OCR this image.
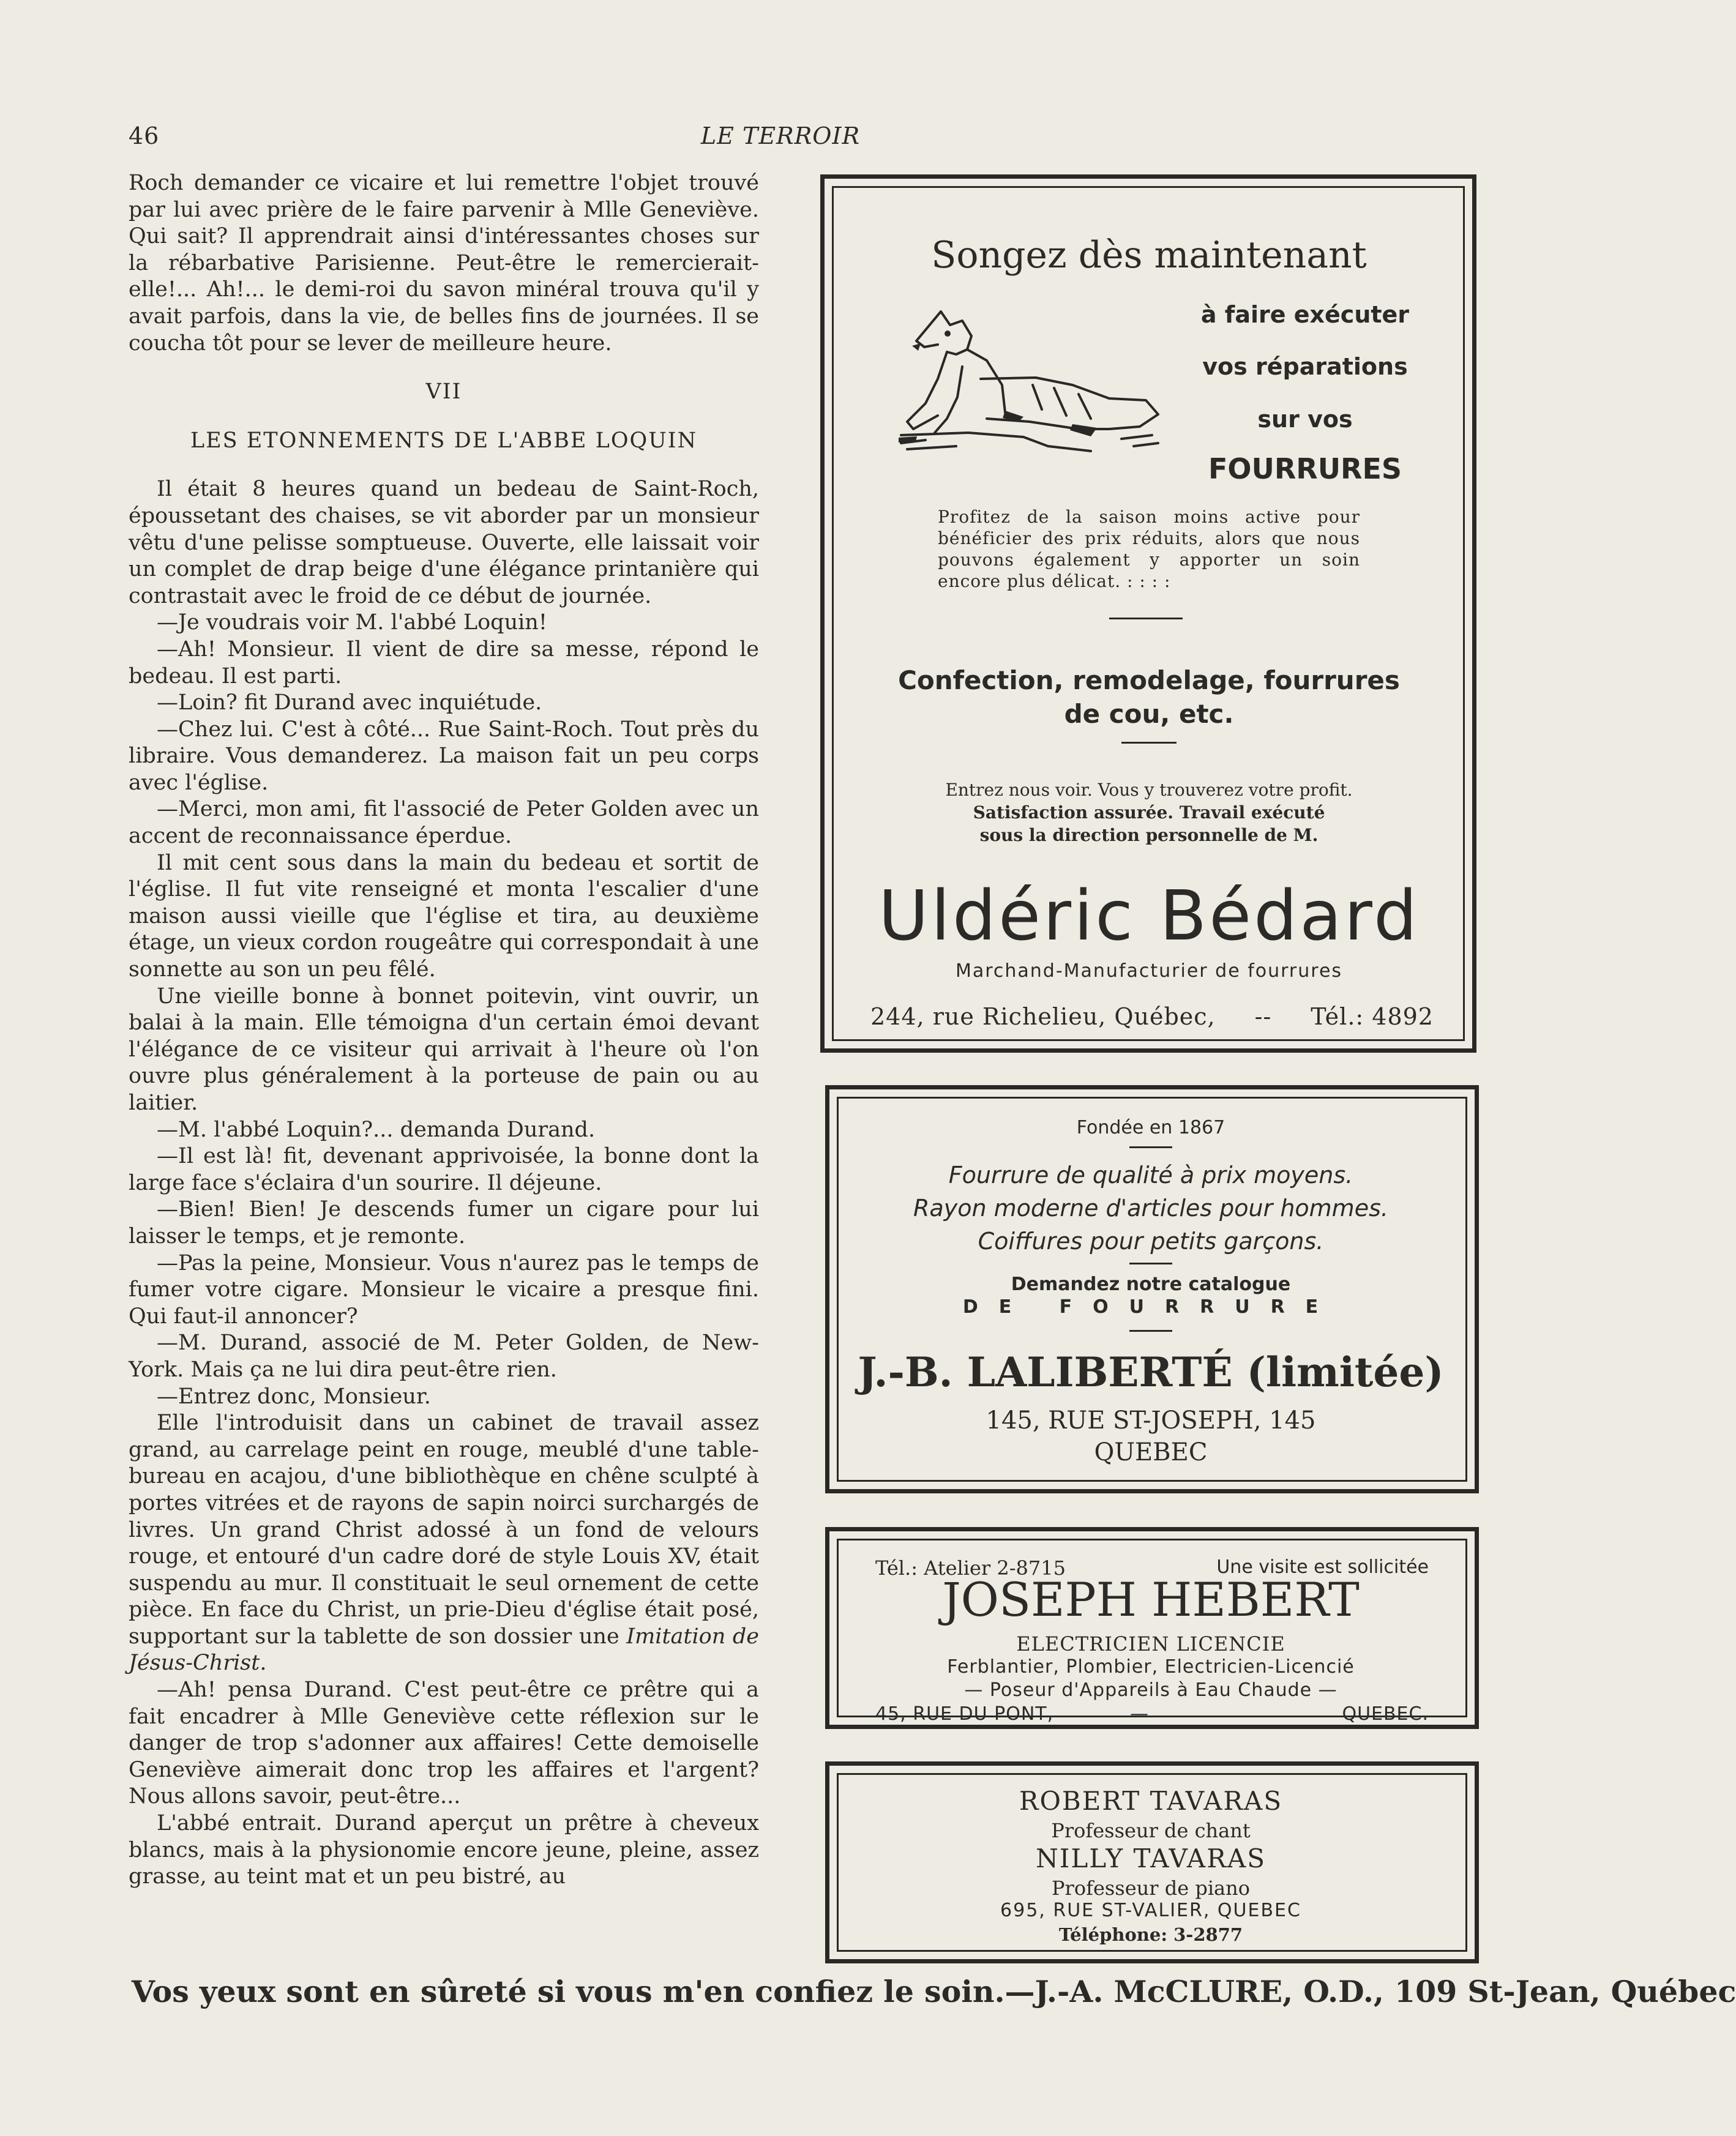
46	LE TERROIR

Roch demander ce vicaire et lui remettre l'objet trouvé par lui avec prière de le faire parvenir à Mlle Geneviève. Qui sait? Il apprendrait ainsi d'intéressantes choses sur la rébarbative Parisienne. Peut-être le remercierait-elle!... Ah!... le demi-roi du savon minéral trouva qu'il y avait parfois, dans la vie, de belles fins de journées. Il se coucha tôt pour se lever de meilleure heure.

VII

LES ETONNEMENTS DE L'ABBE LOQUIN

Il était 8 heures quand un bedeau de Saint-Roch, époussetant des chaises, se vit aborder par un monsieur vêtu d'une pelisse somptueuse. Ouverte, elle laissait voir un complet de drap beige d'une élégance printanière qui contrastait avec le froid de ce début de journée.

—Je voudrais voir M. l'abbé Loquin!

—Ah! Monsieur. Il vient de dire sa messe, répond le bedeau. Il est parti.

—Loin? fit Durand avec inquiétude.

—Chez lui. C'est à côté... Rue Saint-Roch. Tout près du libraire. Vous demanderez. La maison fait un peu corps avec l'église.

—Merci, mon ami, fit l'associé de Peter Golden avec un accent de reconnaissance éperdue.

Il mit cent sous dans la main du bedeau et sortit de l'église. Il fut vite renseigné et monta l'escalier d'une maison aussi vieille que l'église et tira, au deuxième étage, un vieux cordon rougeâtre qui correspondait à une sonnette au son un peu fêlé.

Une vieille bonne à bonnet poitevin, vint ouvrir, un balai à la main. Elle témoigna d'un certain émoi devant l'élégance de ce visiteur qui arrivait à l'heure où l'on ouvre plus généralement à la porteuse de pain ou au laitier.

—M. l'abbé Loquin?... demanda Durand.

—Il est là! fit, devenant apprivoisée, la bonne dont la large face s'éclaira d'un sourire. Il déjeune.

—Bien! Bien! Je descends fumer un cigare pour lui laisser le temps, et je remonte.

—Pas la peine, Monsieur. Vous n'aurez pas le temps de fumer votre cigare. Monsieur le vicaire a presque fini. Qui faut-il annoncer?

—M. Durand, associé de M. Peter Golden, de New-York. Mais ça ne lui dira peut-être rien.

—Entrez donc, Monsieur.

Elle l'introduisit dans un cabinet de travail assez grand, au carrelage peint en rouge, meublé d'une table-bureau en acajou, d'une bibliothèque en chêne sculpté à portes vitrées et de rayons de sapin noirci surchargés de livres. Un grand Christ adossé à un fond de velours rouge, et entouré d'un cadre doré de style Louis XV, était suspendu au mur. Il constituait le seul ornement de cette pièce. En face du Christ, un prie-Dieu d'église était posé, supportant sur la tablette de son dossier une Imitation de Jésus-Christ.

—Ah! pensa Durand. C'est peut-être ce prêtre qui a fait encadrer à Mlle Geneviève cette réflexion sur le danger de trop s'adonner aux affaires! Cette demoiselle Geneviève aimerait donc trop les affaires et l'argent? Nous allons savoir, peut-être...

L'abbé entrait. Durand aperçut un prêtre à cheveux blancs, mais à la physionomie encore jeune, pleine, assez grasse, au teint mat et un peu bistré, au

Songez dès maintenant
à faire exécuter
vos réparations
sur vos
FOURRURES
Profitez de la saison moins active pour bénéficier des prix réduits, alors que nous pouvons également y apporter un soin encore plus délicat. : : : :
Confection, remodelage, fourrures
de cou, etc.
Entrez nous voir. Vous y trouverez votre profit.
Satisfaction assurée. Travail exécuté
sous la direction personnelle de M.
Uldéric Bédard
Marchand-Manufacturier de fourrures
244, rue Richelieu, Québec, -- Tél.: 4892
Fondée en 1867
Fourrure de qualité à prix moyens.
Rayon moderne d'articles pour hommes.
Coiffures pour petits garçons.
Demandez notre catalogue
DE FOURRURE
J.-B. LALIBERTÉ (limitée)
145, RUE ST-JOSEPH, 145
QUEBEC
Tél.: Atelier 2-8715	Une visite est sollicitée
JOSEPH HEBERT
ELECTRICIEN LICENCIE
Ferblantier, Plombier, Electricien-Licencié
— Poseur d'Appareils à Eau Chaude —
45, RUE DU PONT,	—	QUEBEC.
ROBERT TAVARAS
Professeur de chant
NILLY TAVARAS
Professeur de piano
695, RUE ST-VALIER, QUEBEC
Téléphone: 3-2877
Vos yeux sont en sûreté si vous m'en confiez le soin.—J.-A. McCLURE, O.D., 109 St-Jean, Québec
